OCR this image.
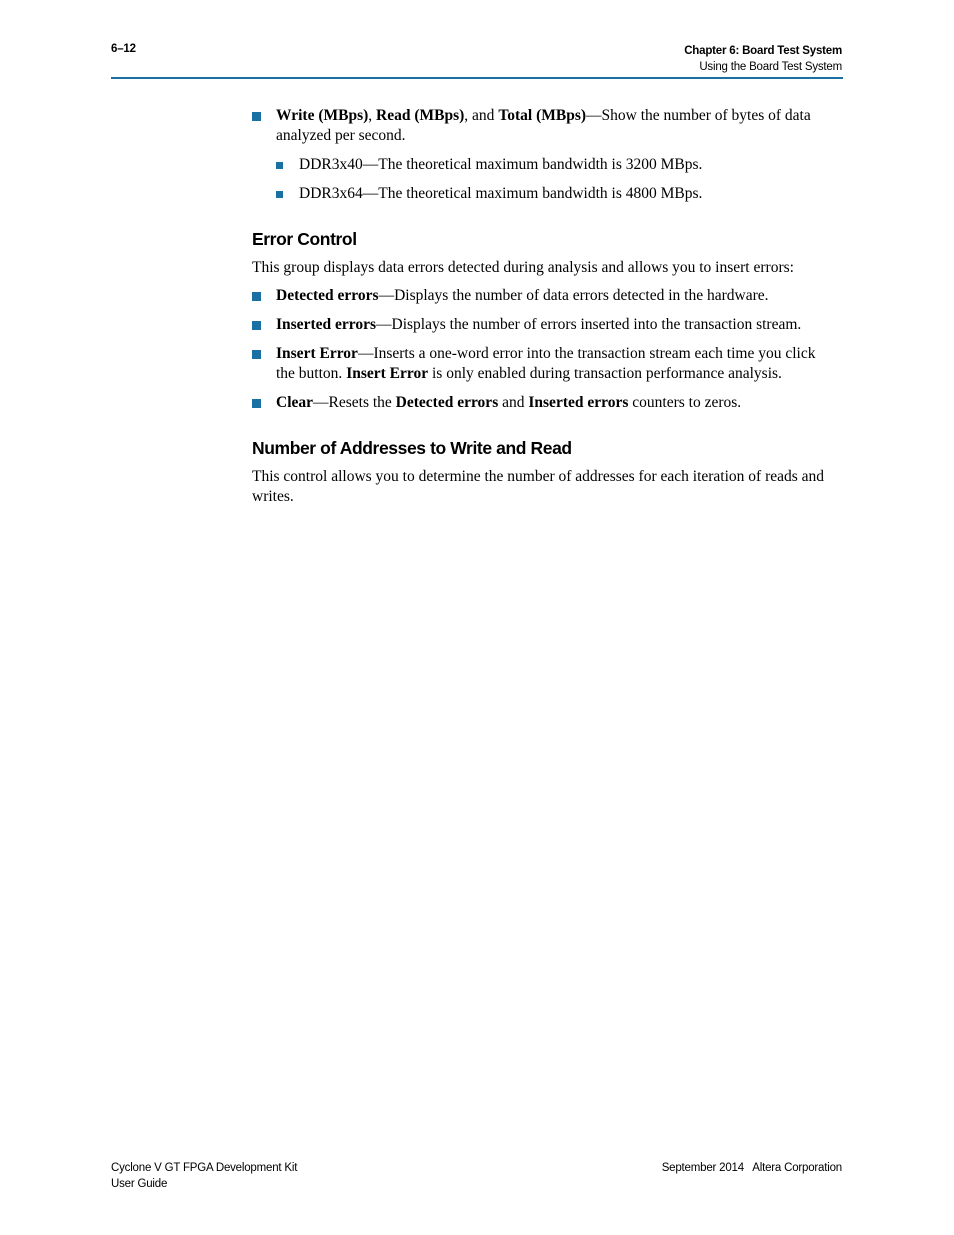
6–12	Chapter 6: Board Test System
Using the Board Test System
Write (MBps), Read (MBps), and Total (MBps)—Show the number of bytes of data analyzed per second.
DDR3x40—The theoretical maximum bandwidth is 3200 MBps.
DDR3x64—The theoretical maximum bandwidth is 4800 MBps.
Error Control

This group displays data errors detected during analysis and allows you to insert errors:

Detected errors—Displays the number of data errors detected in the hardware.
Inserted errors—Displays the number of errors inserted into the transaction stream.
Insert Error—Inserts a one-word error into the transaction stream each time you click the button. Insert Error is only enabled during transaction performance analysis.
Clear—Resets the Detected errors and Inserted errors counters to zeros.
Number of Addresses to Write and Read

This control allows you to determine the number of addresses for each iteration of reads and writes.

Cyclone V GT FPGA Development Kit
User Guide
September 2014   Altera Corporation
